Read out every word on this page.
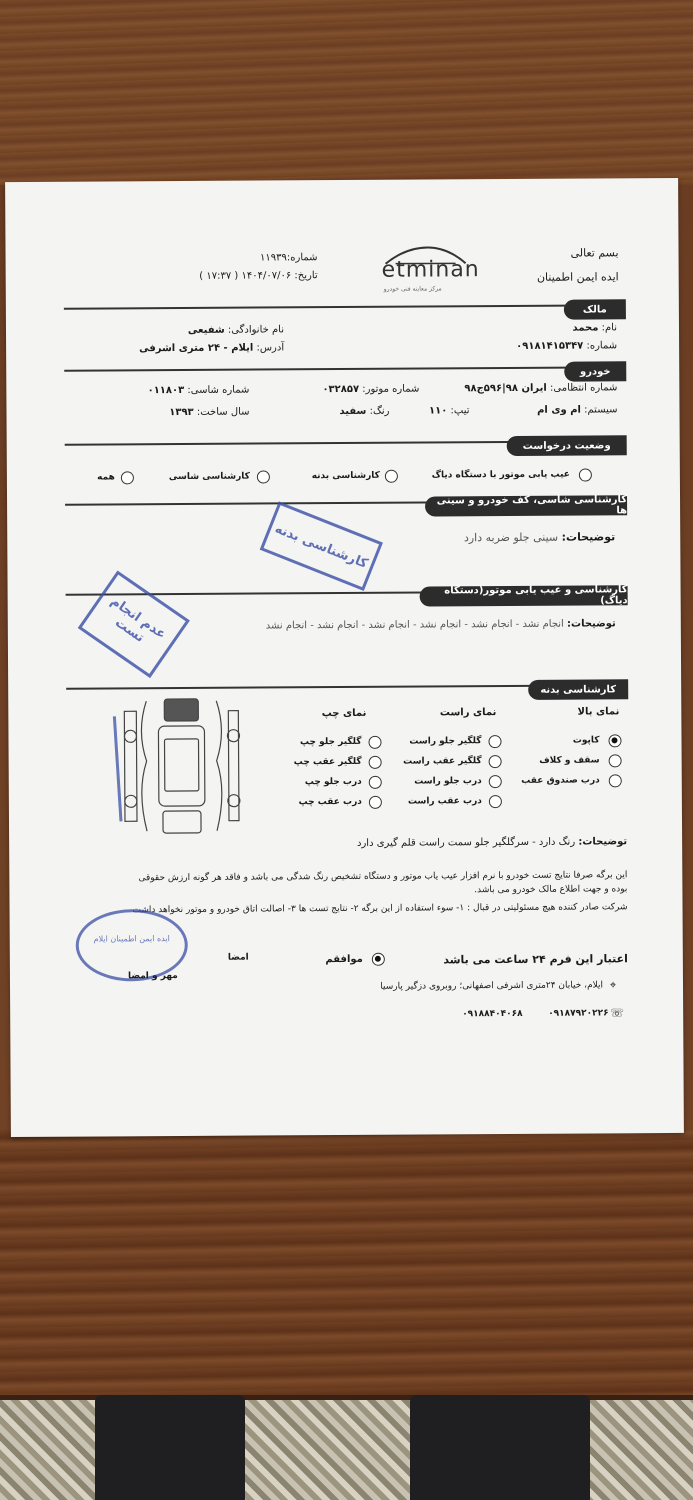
بسم تعالی
ایده ایمن اطمینان
etminan
مرکز معاینه فنی خودرو
شماره:۱۱۹۳۹
تاریخ: ۱۴۰۴/۰۷/۰۶ ( ۱۷:۳۷ )
مالک
نام: محمد
نام خانوادگی: شفیعی
شماره: ۰۹۱۸۱۴۱۵۳۴۷
آدرس: ایلام - ۲۴ متری اشرفی
خودرو
شماره انتظامی: ایران ۹۸|۵۹۶ج۹۸
شماره موتور: ۰۳۲۸۵۷
شماره شاسی: ۰۱۱۸۰۳
سیستم: ام وی ام
تیپ: ۱۱۰
رنگ: سفید
سال ساخت: ۱۳۹۳
وضعیت درخواست
عیب یابی موتور با دستگاه دیاگ
کارشناسی بدنه
کارشناسی شاسی
همه
کارشناسی شاسی، کف خودرو و سینی ها
توضیحات: سینی جلو ضربه دارد
کارشناسی بدنه
کارشناسی و عیب یابی موتور(دستگاه دیاگ)
توضیحات: انجام نشد - انجام نشد - انجام نشد - انجام نشد - انجام نشد - انجام نشد
عدم انجام تست
کارشناسی بدنه
نمای بالا
نمای راست
نمای چپ
کاپوت
سقف و کلاف
درب صندوق عقب
گلگیر جلو راست
گلگیر عقب راست
درب جلو راست
درب عقب راست
گلگیر جلو چپ
گلگیر عقب چپ
درب جلو چپ
درب عقب چپ
توضیحات: رنگ دارد - سرگلگیر جلو سمت راست قلم گیری دارد
این برگه صرفا نتایج تست خودرو با نرم افزار عیب یاب موتور و دستگاه تشخیص رنگ شدگی می باشد و فاقد هر گونه ارزش حقوقی بوده و جهت اطلاع مالک خودرو می باشد.
شرکت صادر کننده هیچ مسئولیتی در قبال : ۱- سوء استفاده از این برگه ۲- نتایج تست ها ۳- اصالت اتاق خودرو و موتور نخواهد داشت
ایده ایمن اطمینان ایلام
مهر و امضا
امضا	اعتبار این فرم ۲۴ ساعت می باشد
موافقم
⌖
ایلام، خیابان ۲۴متری اشرفی اصفهانی؛ روبروی دزگیر پارسیا
☏
۰۹۱۸۷۹۲۰۲۲۶
۰۹۱۸۸۴۰۴۰۶۸
